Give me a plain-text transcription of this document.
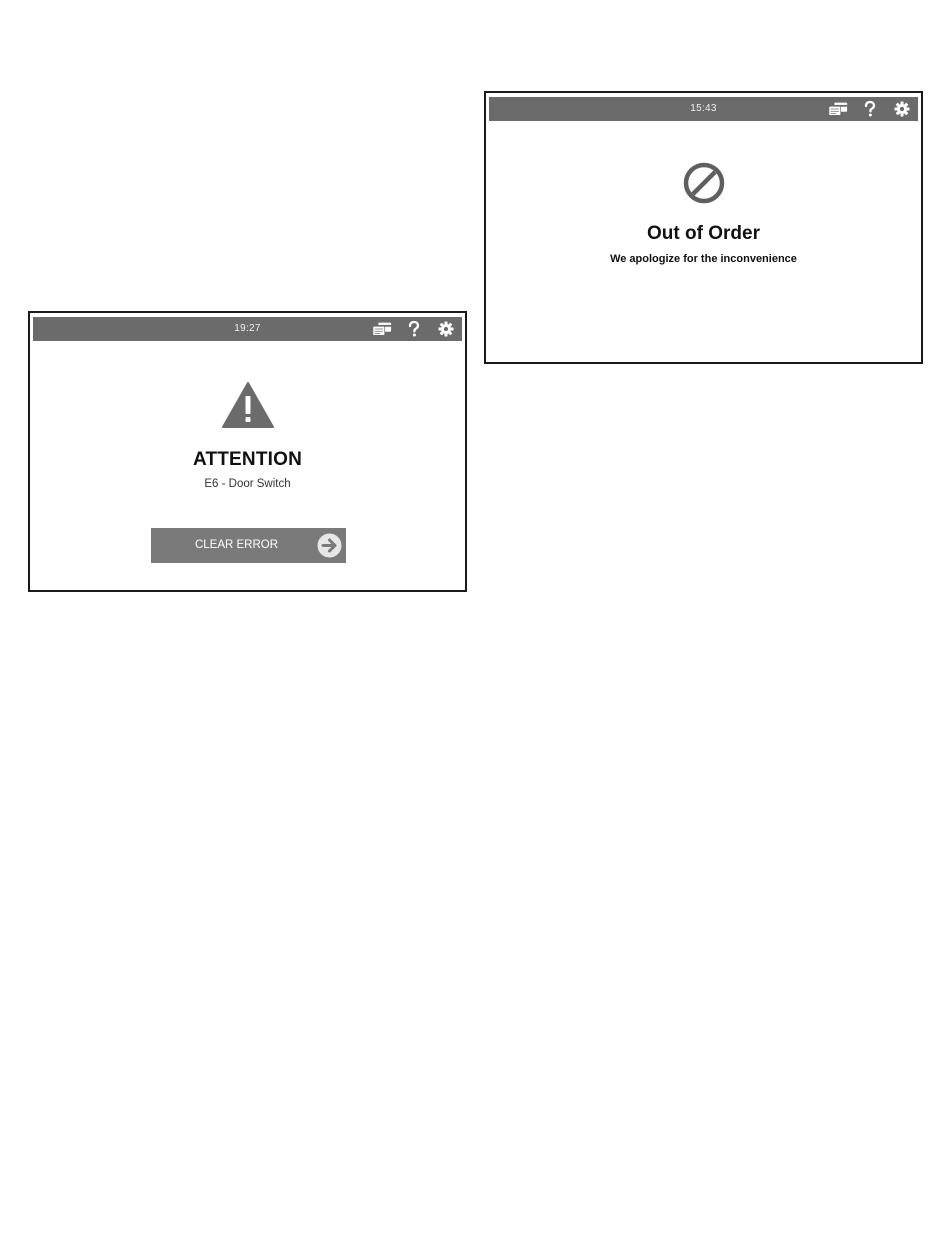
15:43
Out of Order
We apologize for the inconvenience
19:27
ATTENTION
E6 - Door Switch
CLEAR ERROR
